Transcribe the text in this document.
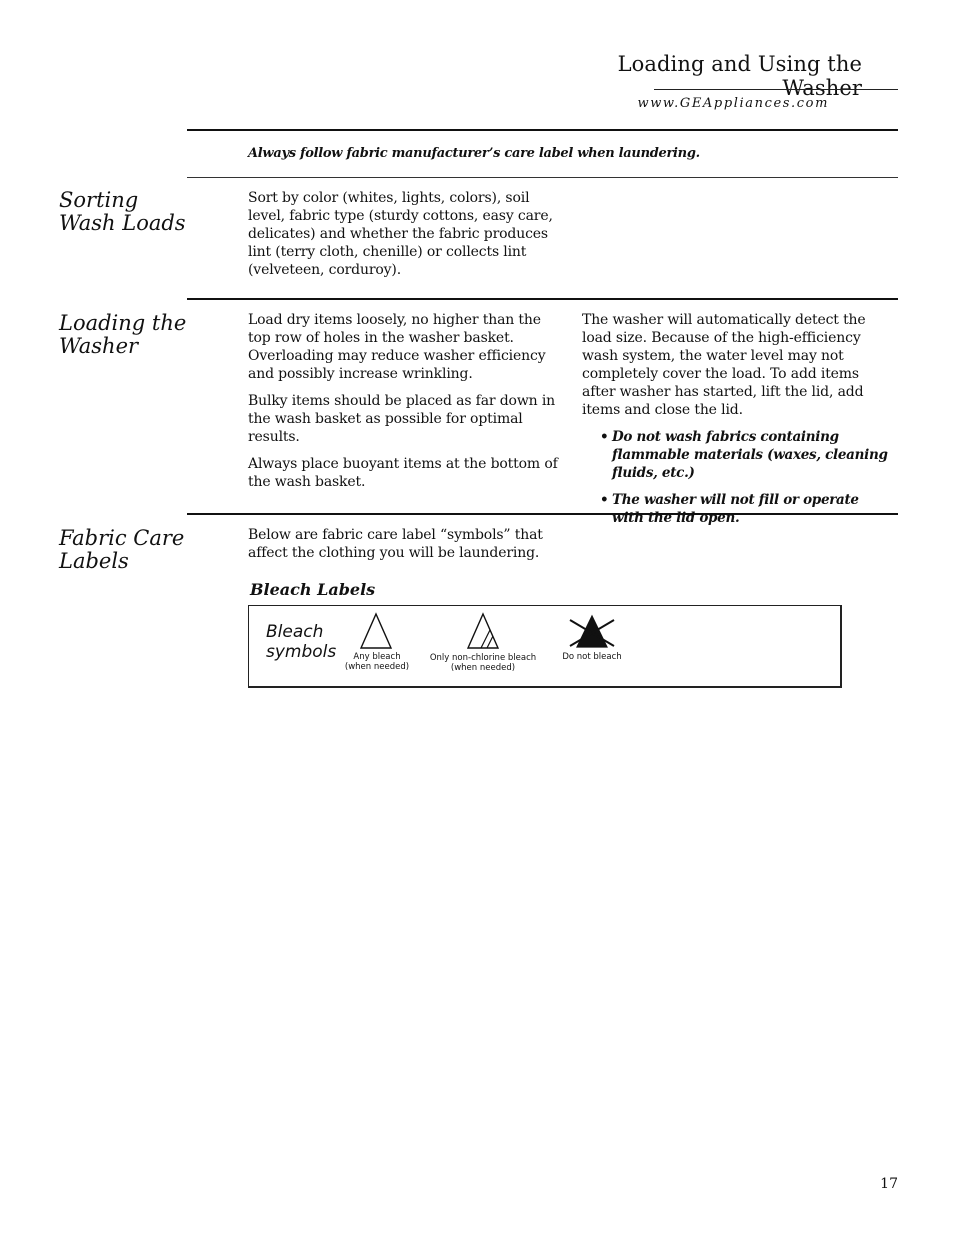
Loading and Using the Washer
www.GEAppliances.com
Always follow fabric manufacturer’s care label when laundering.
Sorting Wash Loads
Sort by color (whites, lights, colors), soil level, fabric type (sturdy cottons, easy care, delicates) and whether the fabric produces lint (terry cloth, chenille) or collects lint (velveteen, corduroy).
Loading the Washer

Load dry items loosely, no higher than the top row of holes in the washer basket. Overloading may reduce washer efficiency and possibly increase wrinkling.

Bulky items should be placed as far down in the wash basket as possible for optimal results.

Always place buoyant items at the bottom of the wash basket.

The washer will automatically detect the load size. Because of the high-efficiency wash system, the water level may not completely cover the load. To add items after washer has started, lift the lid, add items and close the lid.

• Do not wash fabrics containing flammable materials (waxes, cleaning fluids, etc.)
• The washer will not fill or operate with the lid open.
Fabric Care Labels
Below are fabric care label “symbols” that affect the clothing you will be laundering.
Bleach Labels
Bleach symbols	Any bleach
(when needed)
Only non-chlorine bleach
(when needed)
Do not bleach
17
